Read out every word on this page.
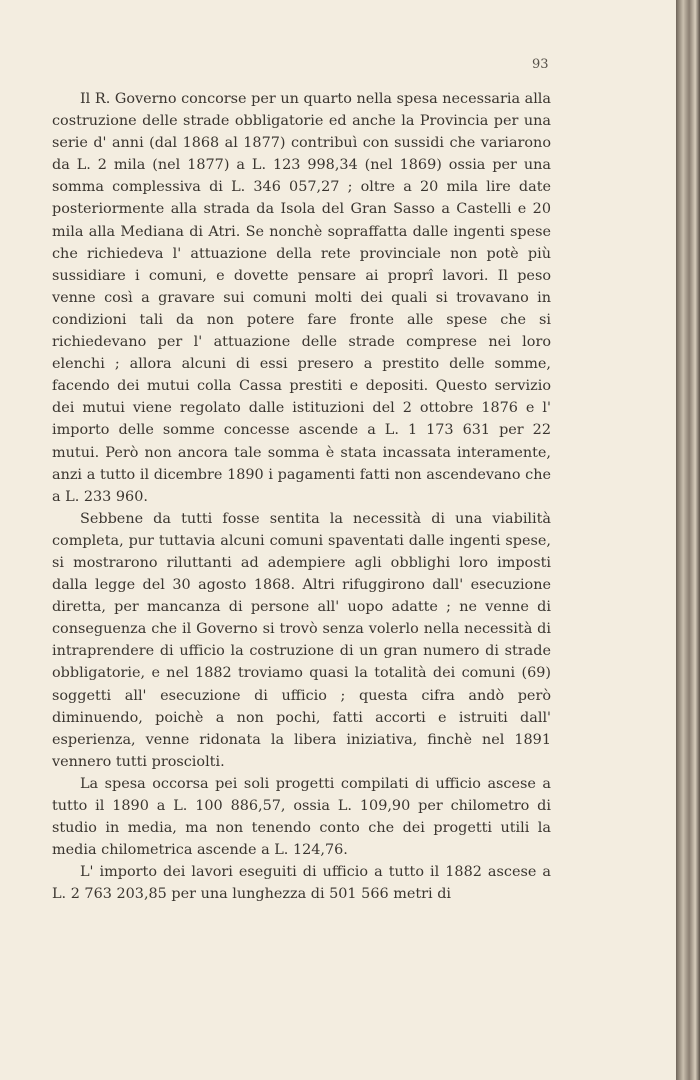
93

Il R. Governo concorse per un quarto nella spesa necessaria alla costruzione delle strade obbligatorie ed anche la Provincia per una serie d' anni (dal 1868 al 1877) contribuì con sussidi che variarono da L. 2 mila (nel 1877) a L. 123 998,34 (nel 1869) ossia per una somma complessiva di L. 346 057,27 ; oltre a 20 mila lire date posteriormente alla strada da Isola del Gran Sasso a Castelli e 20 mila alla Mediana di Atri. Se nonchè sopraffatta dalle ingenti spese che richiedeva l' attuazione della rete provinciale non potè più sussidiare i comuni, e dovette pensare ai proprî lavori. Il peso venne così a gravare sui comuni molti dei quali si trovavano in condizioni tali da non potere fare fronte alle spese che si richiedevano per l' attuazione delle strade comprese nei loro elenchi ; allora alcuni di essi presero a prestito delle somme, facendo dei mutui colla Cassa prestiti e depositi. Questo servizio dei mutui viene regolato dalle istituzioni del 2 ottobre 1876 e l' importo delle somme concesse ascende a L. 1 173 631 per 22 mutui. Però non ancora tale somma è stata incassata interamente, anzi a tutto il dicembre 1890 i pagamenti fatti non ascendevano che a L. 233 960.

Sebbene da tutti fosse sentita la necessità di una viabilità completa, pur tuttavia alcuni comuni spaventati dalle ingenti spese, si mostrarono riluttanti ad adempiere agli obblighi loro imposti dalla legge del 30 agosto 1868. Altri rifuggirono dall' esecuzione diretta, per mancanza di persone all' uopo adatte ; ne venne di conseguenza che il Governo si trovò senza volerlo nella necessità di intraprendere di ufficio la costruzione di un gran numero di strade obbligatorie, e nel 1882 troviamo quasi la totalità dei comuni (69) soggetti all' esecuzione di ufficio ; questa cifra andò però diminuendo, poichè a non pochi, fatti accorti e istruiti dall' esperienza, venne ridonata la libera iniziativa, finchè nel 1891 vennero tutti prosciolti.

La spesa occorsa pei soli progetti compilati di ufficio ascese a tutto il 1890 a L. 100 886,57, ossia L. 109,90 per chilometro di studio in media, ma non tenendo conto che dei progetti utili la media chilometrica ascende a L. 124,76.

L' importo dei lavori eseguiti di ufficio a tutto il 1882 ascese a L. 2 763 203,85 per una lunghezza di 501 566 metri di
